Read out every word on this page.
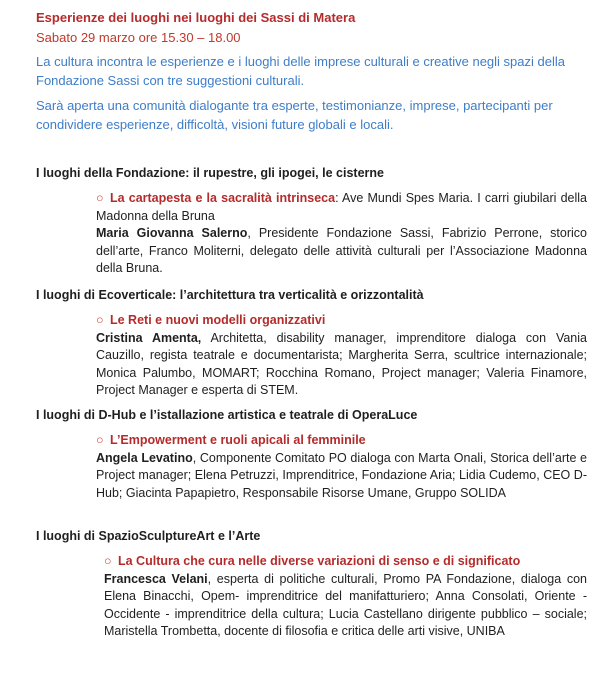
Esperienze dei luoghi nei luoghi dei Sassi di Matera
Sabato 29 marzo ore 15.30 – 18.00
La cultura incontra le esperienze e i luoghi delle imprese culturali e creative negli spazi della Fondazione Sassi con tre suggestioni culturali.
Sarà aperta una comunità dialogante tra esperte, testimonianze, imprese, partecipanti per condividere esperienze, difficoltà, visioni future globali e locali.
I luoghi della Fondazione: il rupestre, gli ipogei, le cisterne
○ La cartapesta e la sacralità intrinseca: Ave Mundi Spes Maria. I carri giubilari della Madonna della Bruna
Maria Giovanna Salerno, Presidente Fondazione Sassi, Fabrizio Perrone, storico dell’arte, Franco Moliterni, delegato delle attività culturali per l’Associazione Madonna della Bruna.
I luoghi di Ecoverticale: l’architettura tra verticalità e orizzontalità
○ Le Reti e nuovi modelli organizzativi
Cristina Amenta, Architetta, disability manager, imprenditore dialoga con Vania Cauzillo, regista teatrale e documentarista; Margherita Serra, scultrice internazionale; Monica Palumbo, MOMART; Rocchina Romano, Project manager; Valeria Finamore, Project Manager e esperta di STEM.
I luoghi di D-Hub e l’istallazione artistica e teatrale di OperaLuce
○ L’Empowerment e ruoli apicali al femminile
Angela Levatino, Componente Comitato PO dialoga con Marta Onali, Storica dell’arte e Project manager; Elena Petruzzi, Imprenditrice, Fondazione Aria; Lidia Cudemo, CEO D-Hub; Giacinta Papapietro, Responsabile Risorse Umane, Gruppo SOLIDA
I luoghi di SpazioSculptureArt e l’Arte
○ La Cultura che cura nelle diverse variazioni di senso e di significato
Francesca Velani, esperta di politiche culturali, Promo PA Fondazione, dialoga con Elena Binacchi, Opem- imprenditrice del manifatturiero; Anna Consolati, Oriente - Occidente - imprenditrice della cultura; Lucia Castellano dirigente pubblico – sociale; Maristella Trombetta, docente di filosofia e critica delle arti visive, UNIBA
